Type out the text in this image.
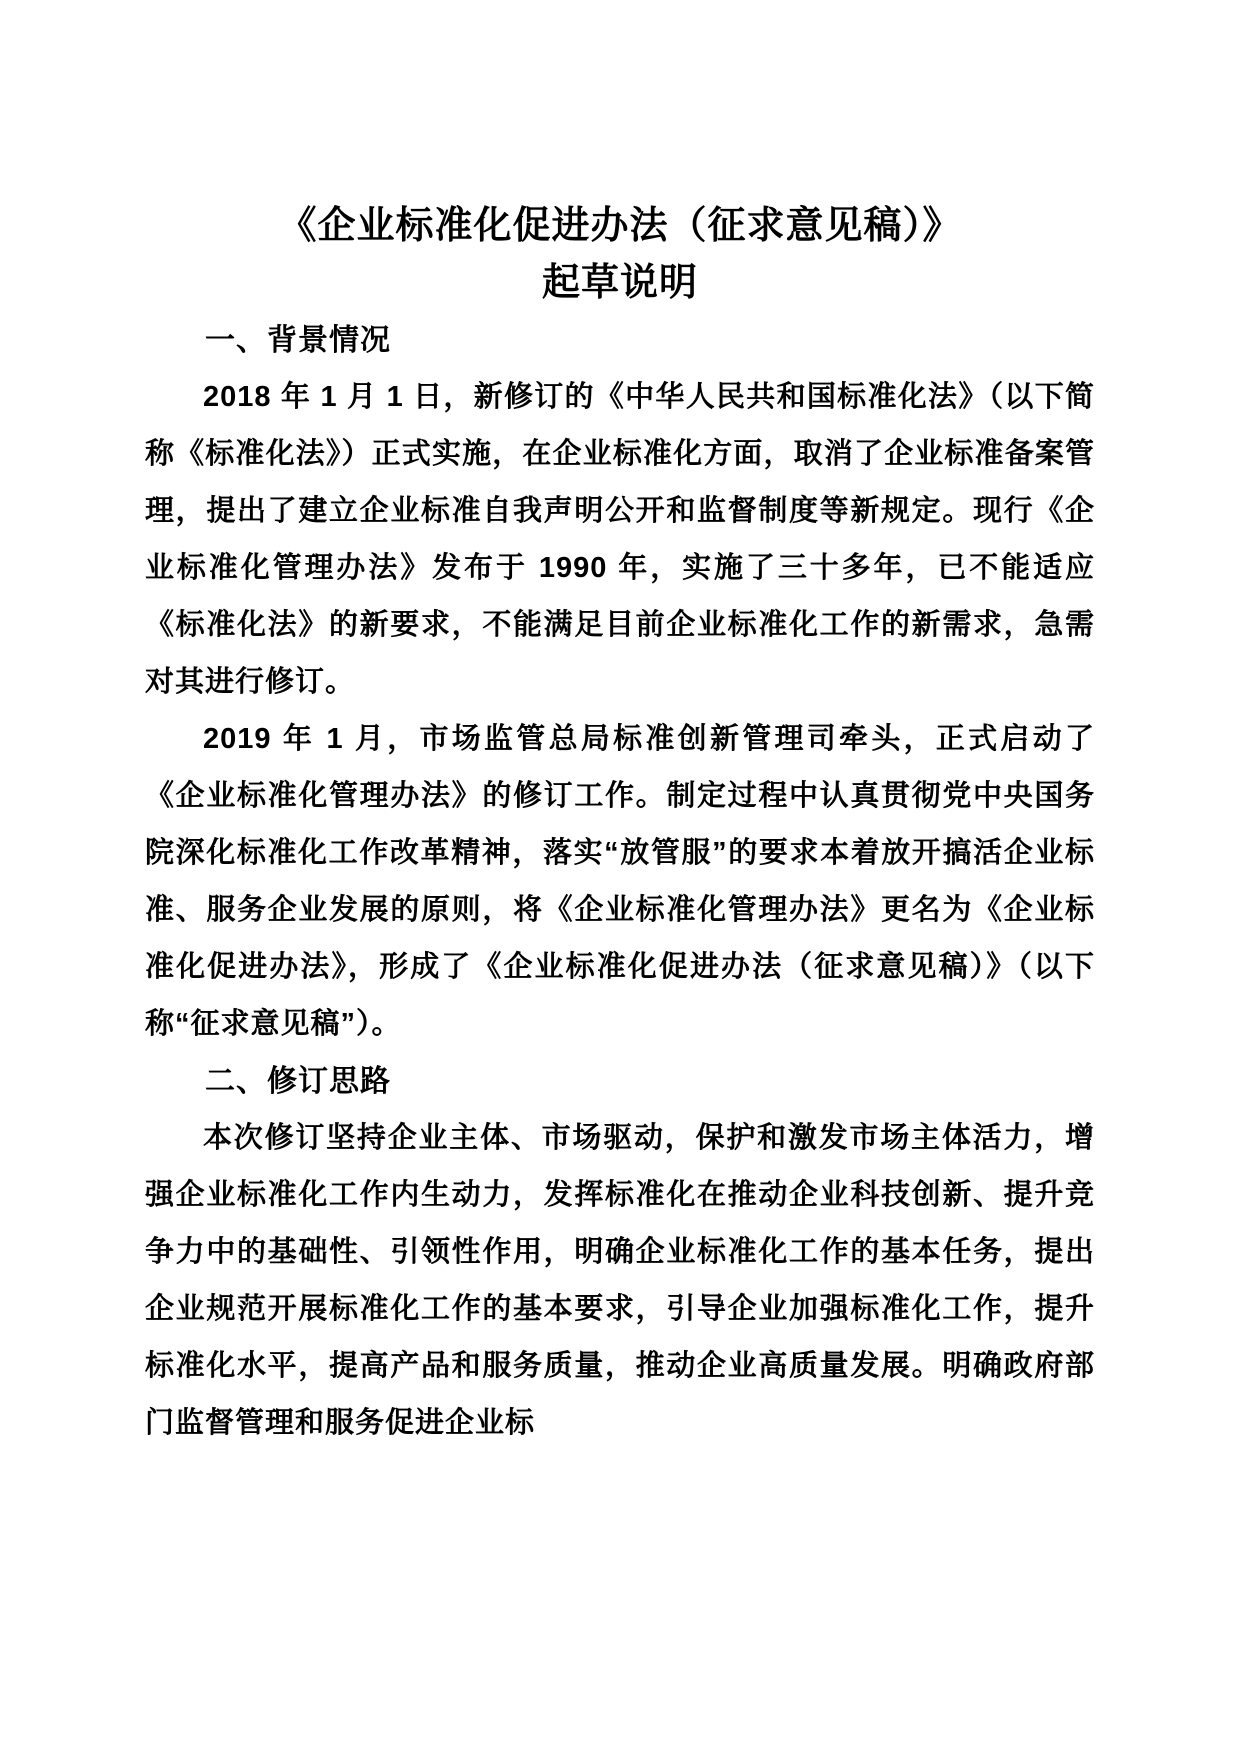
《企业标准化促进办法（征求意见稿）》
起草说明
一、背景情况

2018 年 1 月 1 日，新修订的《中华人民共和国标准化法》（以下简称《标准化法》）正式实施，在企业标准化方面，取消了企业标准备案管理，提出了建立企业标准自我声明公开和监督制度等新规定。现行《企业标准化管理办法》发布于 1990 年，实施了三十多年，已不能适应《标准化法》的新要求，不能满足目前企业标准化工作的新需求，急需对其进行修订。

2019 年 1 月，市场监管总局标准创新管理司牵头，正式启动了《企业标准化管理办法》的修订工作。制定过程中认真贯彻党中央国务院深化标准化工作改革精神，落实“放管服”的要求本着放开搞活企业标准、服务企业发展的原则，将《企业标准化管理办法》更名为《企业标准化促进办法》，形成了《企业标准化促进办法（征求意见稿）》（以下称“征求意见稿”）。

二、修订思路

本次修订坚持企业主体、市场驱动，保护和激发市场主体活力，增强企业标准化工作内生动力，发挥标准化在推动企业科技创新、提升竞争力中的基础性、引领性作用，明确企业标准化工作的基本任务，提出企业规范开展标准化工作的基本要求，引导企业加强标准化工作，提升标准化水平，提高产品和服务质量，推动企业高质量发展。明确政府部门监督管理和服务促进企业标
